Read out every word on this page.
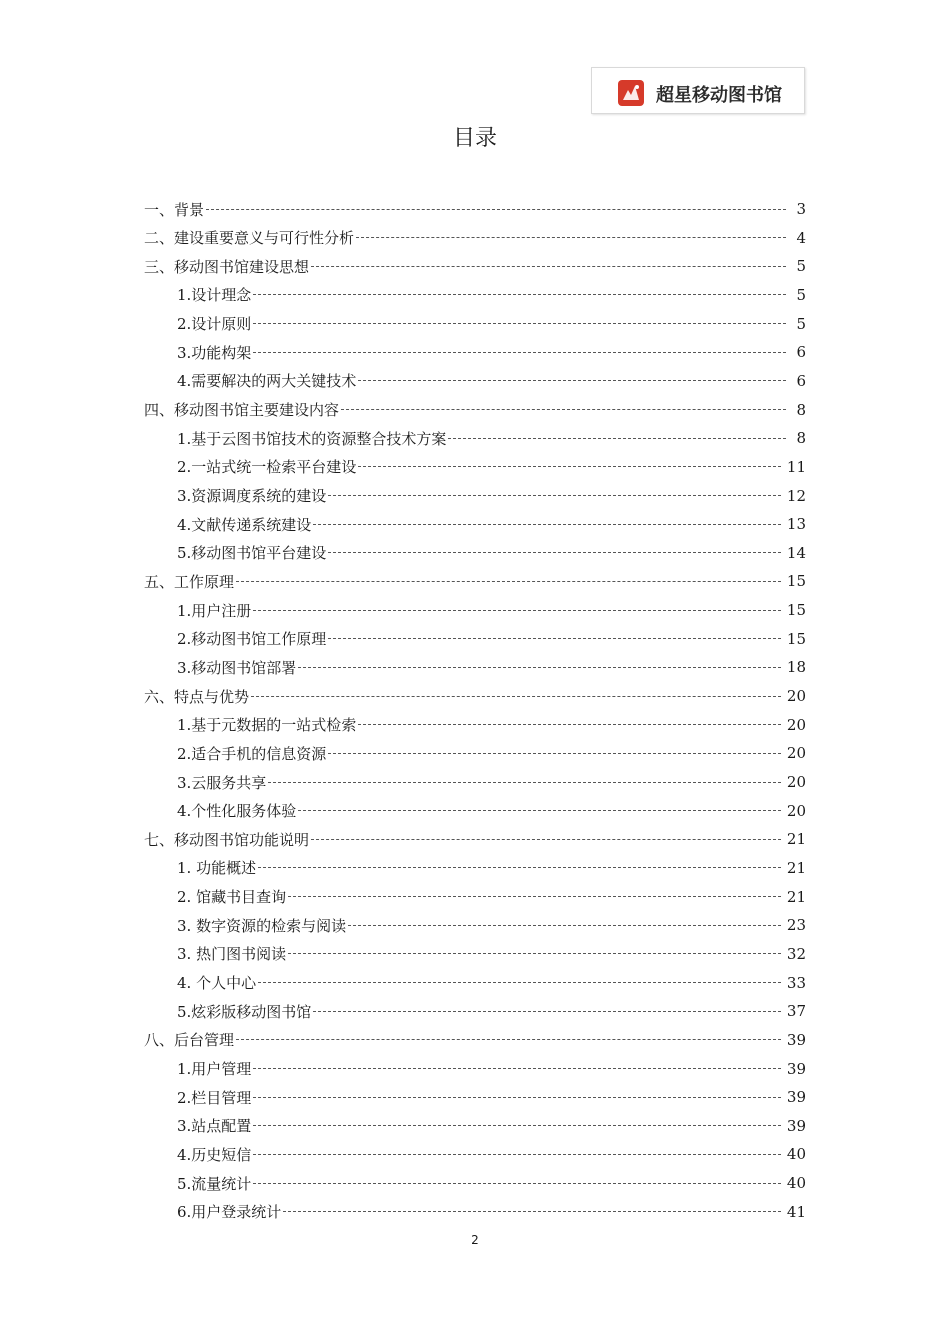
超星移动图书馆
目录
一、背景	3
二、建设重要意义与可行性分析	4
三、移动图书馆建设思想	5
1.设计理念	5
2.设计原则	5
3.功能构架	6
4.需要解决的两大关键技术	6
四、移动图书馆主要建设内容	8
1.基于云图书馆技术的资源整合技术方案	8
2.一站式统一检索平台建设	11
3.资源调度系统的建设	12
4.文献传递系统建设	13
5.移动图书馆平台建设	14
五、工作原理	15
1.用户注册	15
2.移动图书馆工作原理	15
3.移动图书馆部署	18
六、特点与优势	20
1.基于元数据的一站式检索	20
2.适合手机的信息资源	20
3.云服务共享	20
4.个性化服务体验	20
七、移动图书馆功能说明	21
1. 功能概述	21
2. 馆藏书目查询	21
3. 数字资源的检索与阅读	23
3. 热门图书阅读	32
4. 个人中心	33
5.炫彩版移动图书馆	37
八、后台管理	39
1.用户管理	39
2.栏目管理	39
3.站点配置	39
4.历史短信	40
5.流量统计	40
6.用户登录统计	41
2
